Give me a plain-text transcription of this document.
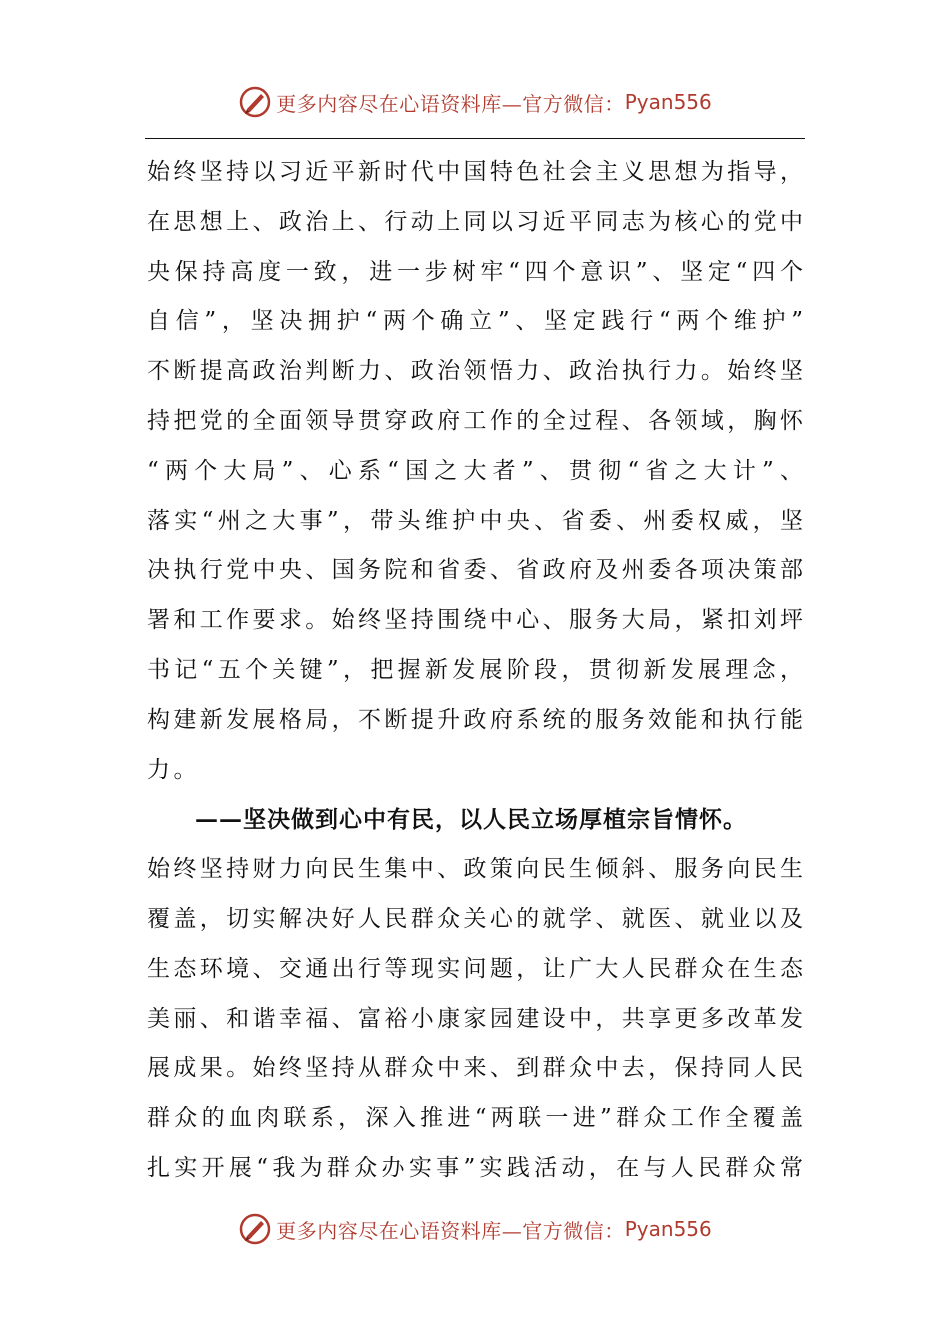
更多内容尽在心语资料库—官方微信： Pyan556
始终坚持以习近平新时代中国特色社会主义思想为指导，
在思想上、政治上、行动上同以习近平同志为核心的党中
央保持高度一致，进一步树牢“四个意识”、坚定“四个
自信”，坚决拥护“两个确立”、坚定践行“两个维护”
不断提高政治判断力、政治领悟力、政治执行力。始终坚
持把党的全面领导贯穿政府工作的全过程、各领域，胸怀
“两个大局”、心系“国之大者”、贯彻“省之大计”、
落实“州之大事”，带头维护中央、省委、州委权威，坚
决执行党中央、国务院和省委、省政府及州委各项决策部
署和工作要求。始终坚持围绕中心、服务大局，紧扣刘坪
书记“五个关键”，把握新发展阶段，贯彻新发展理念，
构建新发展格局，不断提升政府系统的服务效能和执行能
力。
——坚决做到心中有民，以人民立场厚植宗旨情怀。
始终坚持财力向民生集中、政策向民生倾斜、服务向民生
覆盖，切实解决好人民群众关心的就学、就医、就业以及
生态环境、交通出行等现实问题，让广大人民群众在生态
美丽、和谐幸福、富裕小康家园建设中，共享更多改革发
展成果。始终坚持从群众中来、到群众中去，保持同人民
群众的血肉联系，深入推进“两联一进”群众工作全覆盖
扎实开展“我为群众办实事”实践活动，在与人民群众常
更多内容尽在心语资料库—官方微信： Pyan556
